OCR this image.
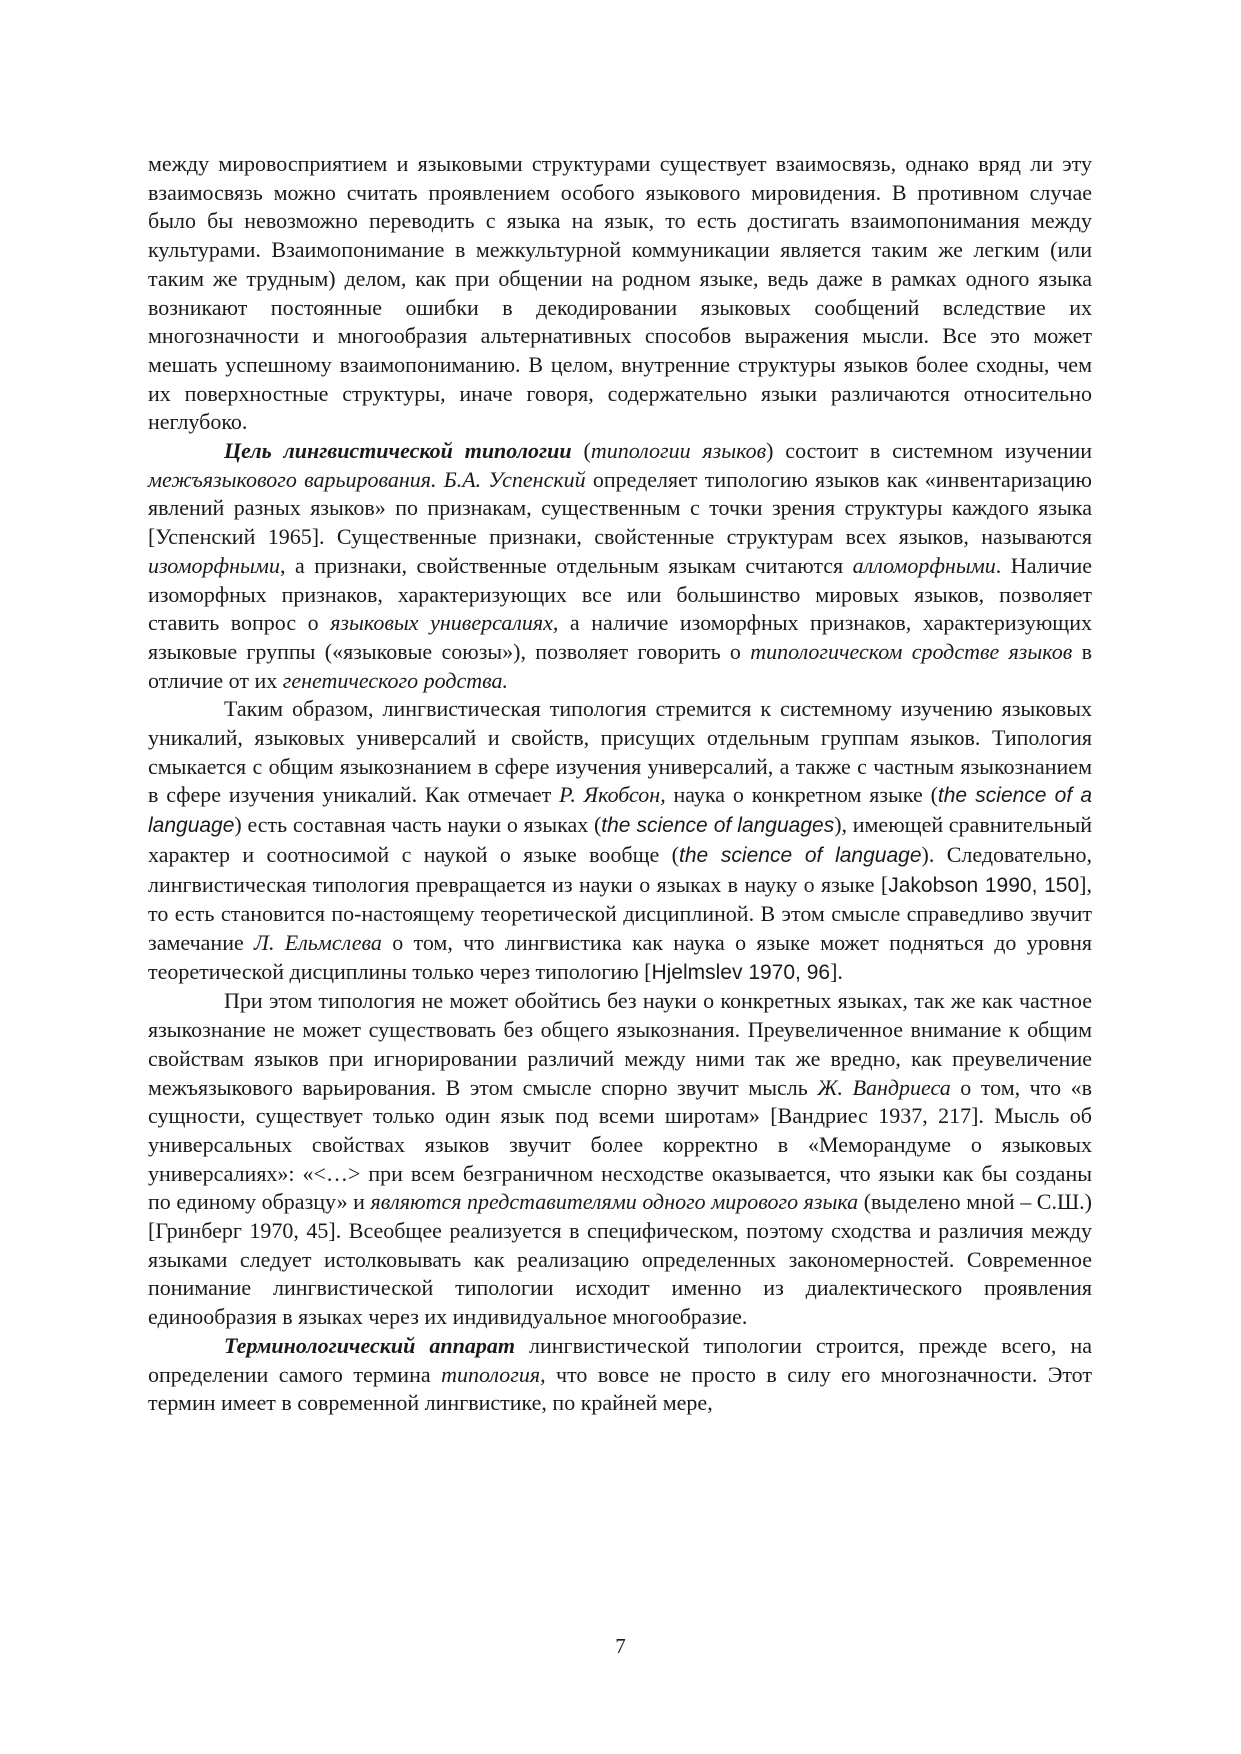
между мировосприятием и языковыми структурами существует взаимосвязь, однако вряд ли эту взаимосвязь можно считать проявлением особого языкового мировидения. В противном случае было бы невозможно переводить с языка на язык, то есть достигать взаимопонимания между культурами. Взаимопонимание в межкультурной коммуникации является таким же легким (или таким же трудным) делом, как при общении на родном языке, ведь даже в рамках одного языка возникают постоянные ошибки в декодировании языковых сообщений вследствие их многозначности и многообразия альтернативных способов выражения мысли. Все это может мешать успешному взаимопониманию. В целом, внутренние структуры языков более сходны, чем их поверхностные структуры, иначе говоря, содержательно языки различаются относительно неглубоко.

Цель лингвистической типологии (типологии языков) состоит в системном изучении межъязыкового варьирования. Б.А. Успенский определяет типологию языков как «инвентаризацию явлений разных языков» по признакам, существенным с точки зрения структуры каждого языка [Успенский 1965]. Существенные признаки, свойстенные структурам всех языков, называются изоморфными, а признаки, свойственные отдельным языкам считаются алломорфными. Наличие изоморфных признаков, характеризующих все или большинство мировых языков, позволяет ставить вопрос о языковых универсалиях, а наличие изоморфных признаков, характеризующих языковые группы («языковые союзы»), позволяет говорить о типологическом сродстве языков в отличие от их генетического родства.

Таким образом, лингвистическая типология стремится к системному изучению языковых уникалий, языковых универсалий и свойств, присущих отдельным группам языков. Типология смыкается с общим языкознанием в сфере изучения универсалий, а также с частным языкознанием в сфере изучения уникалий. Как отмечает Р. Якобсон, наука о конкретном языке (the science of a language) есть составная часть науки о языках (the science of languages), имеющей сравнительный характер и соотносимой с наукой о языке вообще (the science of language). Следовательно, лингвистическая типология превращается из науки о языках в науку о языке [Jakobson 1990, 150], то есть становится по-настоящему теоретической дисциплиной. В этом смысле справедливо звучит замечание Л. Ельмслева о том, что лингвистика как наука о языке может подняться до уровня теоретической дисциплины только через типологию [Hjelmslev 1970, 96].

При этом типология не может обойтись без науки о конкретных языках, так же как частное языкознание не может существовать без общего языкознания. Преувеличенное внимание к общим свойствам языков при игнорировании различий между ними так же вредно, как преувеличение межъязыкового варьирования. В этом смысле спорно звучит мысль Ж. Вандриеса о том, что «в сущности, существует только один язык под всеми широтам» [Вандриес 1937, 217]. Мысль об универсальных свойствах языков звучит более корректно в «Меморандуме о языковых универсалиях»: «<…> при всем безграничном несходстве оказывается, что языки как бы созданы по единому образцу» и являются представителями одного мирового языка (выделено мной – С.Ш.) [Гринберг 1970, 45]. Всеобщее реализуется в специфическом, поэтому сходства и различия между языками следует истолковывать как реализацию определенных закономерностей. Современное понимание лингвистической типологии исходит именно из диалектического проявления единообразия в языках через их индивидуальное многообразие.

Терминологический аппарат лингвистической типологии строится, прежде всего, на определении самого термина типология, что вовсе не просто в силу его многозначности. Этот термин имеет в современной лингвистике, по крайней мере,

7
